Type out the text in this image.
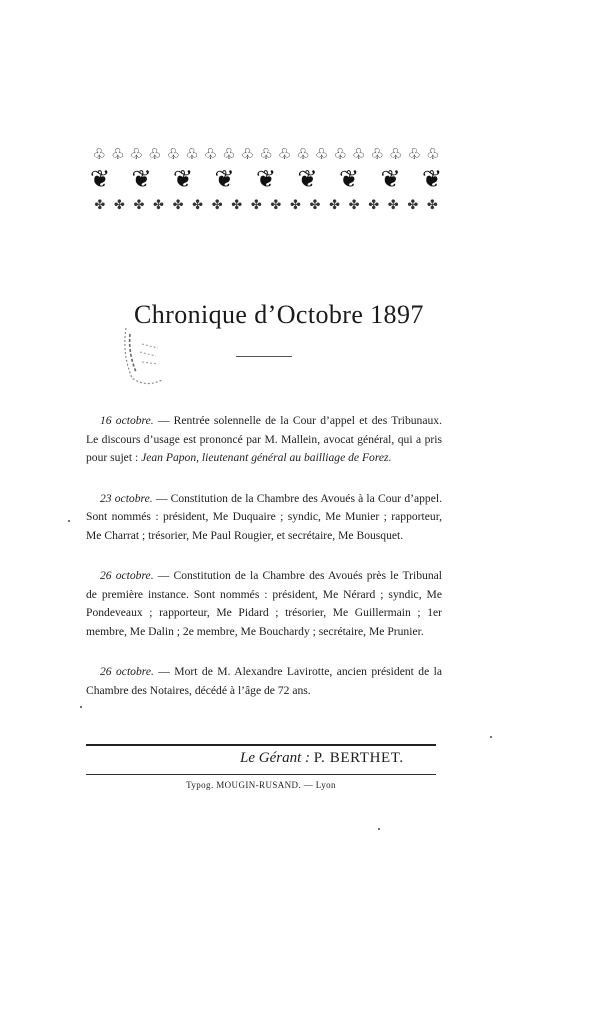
♧ ♧ ♧ ♧ ♧ ♧ ♧ ♧ ♧ ♧ ♧ ♧ ♧ ♧ ♧ ♧ ♧ ♧ ♧
❦ ❦ ❦ ❦ ❦ ❦ ❦ ❦ ❦
✤ ✤ ✤ ✤ ✤ ✤ ✤ ✤ ✤ ✤ ✤ ✤ ✤ ✤ ✤ ✤ ✤ ✤
Chronique d’Octobre 1897

16 octobre. — Rentrée solennelle de la Cour d’appel et des Tribunaux. Le discours d’usage est prononcé par M. Mallein, avocat général, qui a pris pour sujet : Jean Papon, lieutenant général au bailliage de Forez.

23 octobre. — Constitution de la Chambre des Avoués à la Cour d’appel. Sont nommés : président, Me Duquaire ; syndic, Me Munier ; rapporteur, Me Charrat ; trésorier, Me Paul Rougier, et secrétaire, Me Bousquet.

26 octobre. — Constitution de la Chambre des Avoués près le Tribunal de première instance. Sont nommés : président, Me Nérard ; syndic, Me Pondeveaux ; rapporteur, Me Pidard ; trésorier, Me Guillermain ; 1er membre, Me Dalin ; 2e membre, Me Bouchardy ; secrétaire, Me Prunier.

26 octobre. — Mort de M. Alexandre Lavirotte, ancien président de la Chambre des Notaires, décédé à l’âge de 72 ans.

Le Gérant : P. BERTHET.
Typog. MOUGIN-RUSAND. — Lyon
